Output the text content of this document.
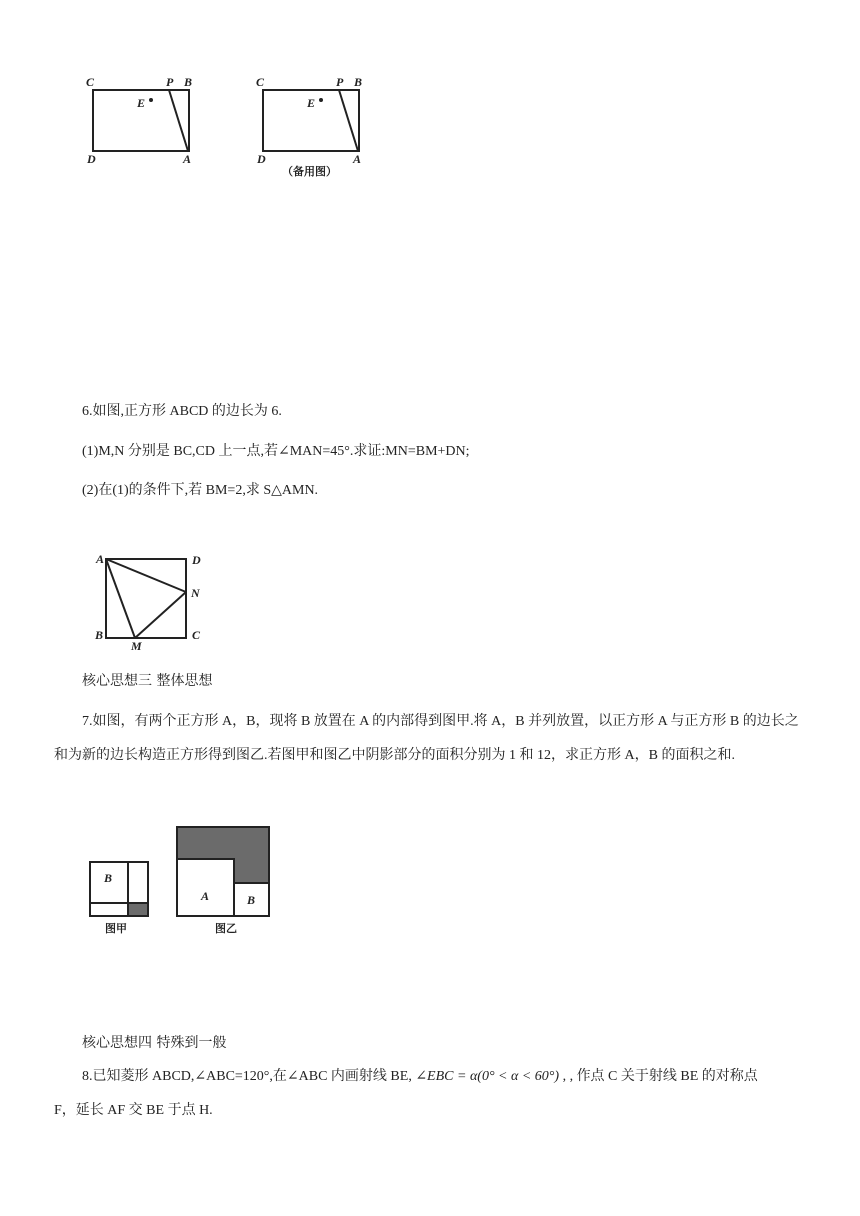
C	P B
E
D	A
C	P B
E
D	A
（备用图）
6.如图,正方形 ABCD 的边长为 6.
(1)M,N 分别是 BC,CD 上一点,若∠MAN=45°.求证:MN=BM+DN;
(2)在(1)的条件下,若 BM=2,求 S△AMN.
A	D
N
B
M
C
核心思想三 整体思想
7.如图，有两个正方形 A，B，现将 B 放置在 A 的内部得到图甲.将 A，B 并列放置，以正方形 A 与正方形 B 的边长之和为新的边长构造正方形得到图乙.若图甲和图乙中阴影部分的面积分别为 1 和 12，求正方形 A，B 的面积之和.
B
图甲
A	B
图乙
核心思想四 特殊到一般
8.已知菱形 ABCD,∠ABC=120°,在∠ABC 内画射线 BE, ∠EBC = α(0° < α < 60°) , , 作点 C 关于射线 BE 的对称点 F，延长 AF 交 BE 于点 H.
